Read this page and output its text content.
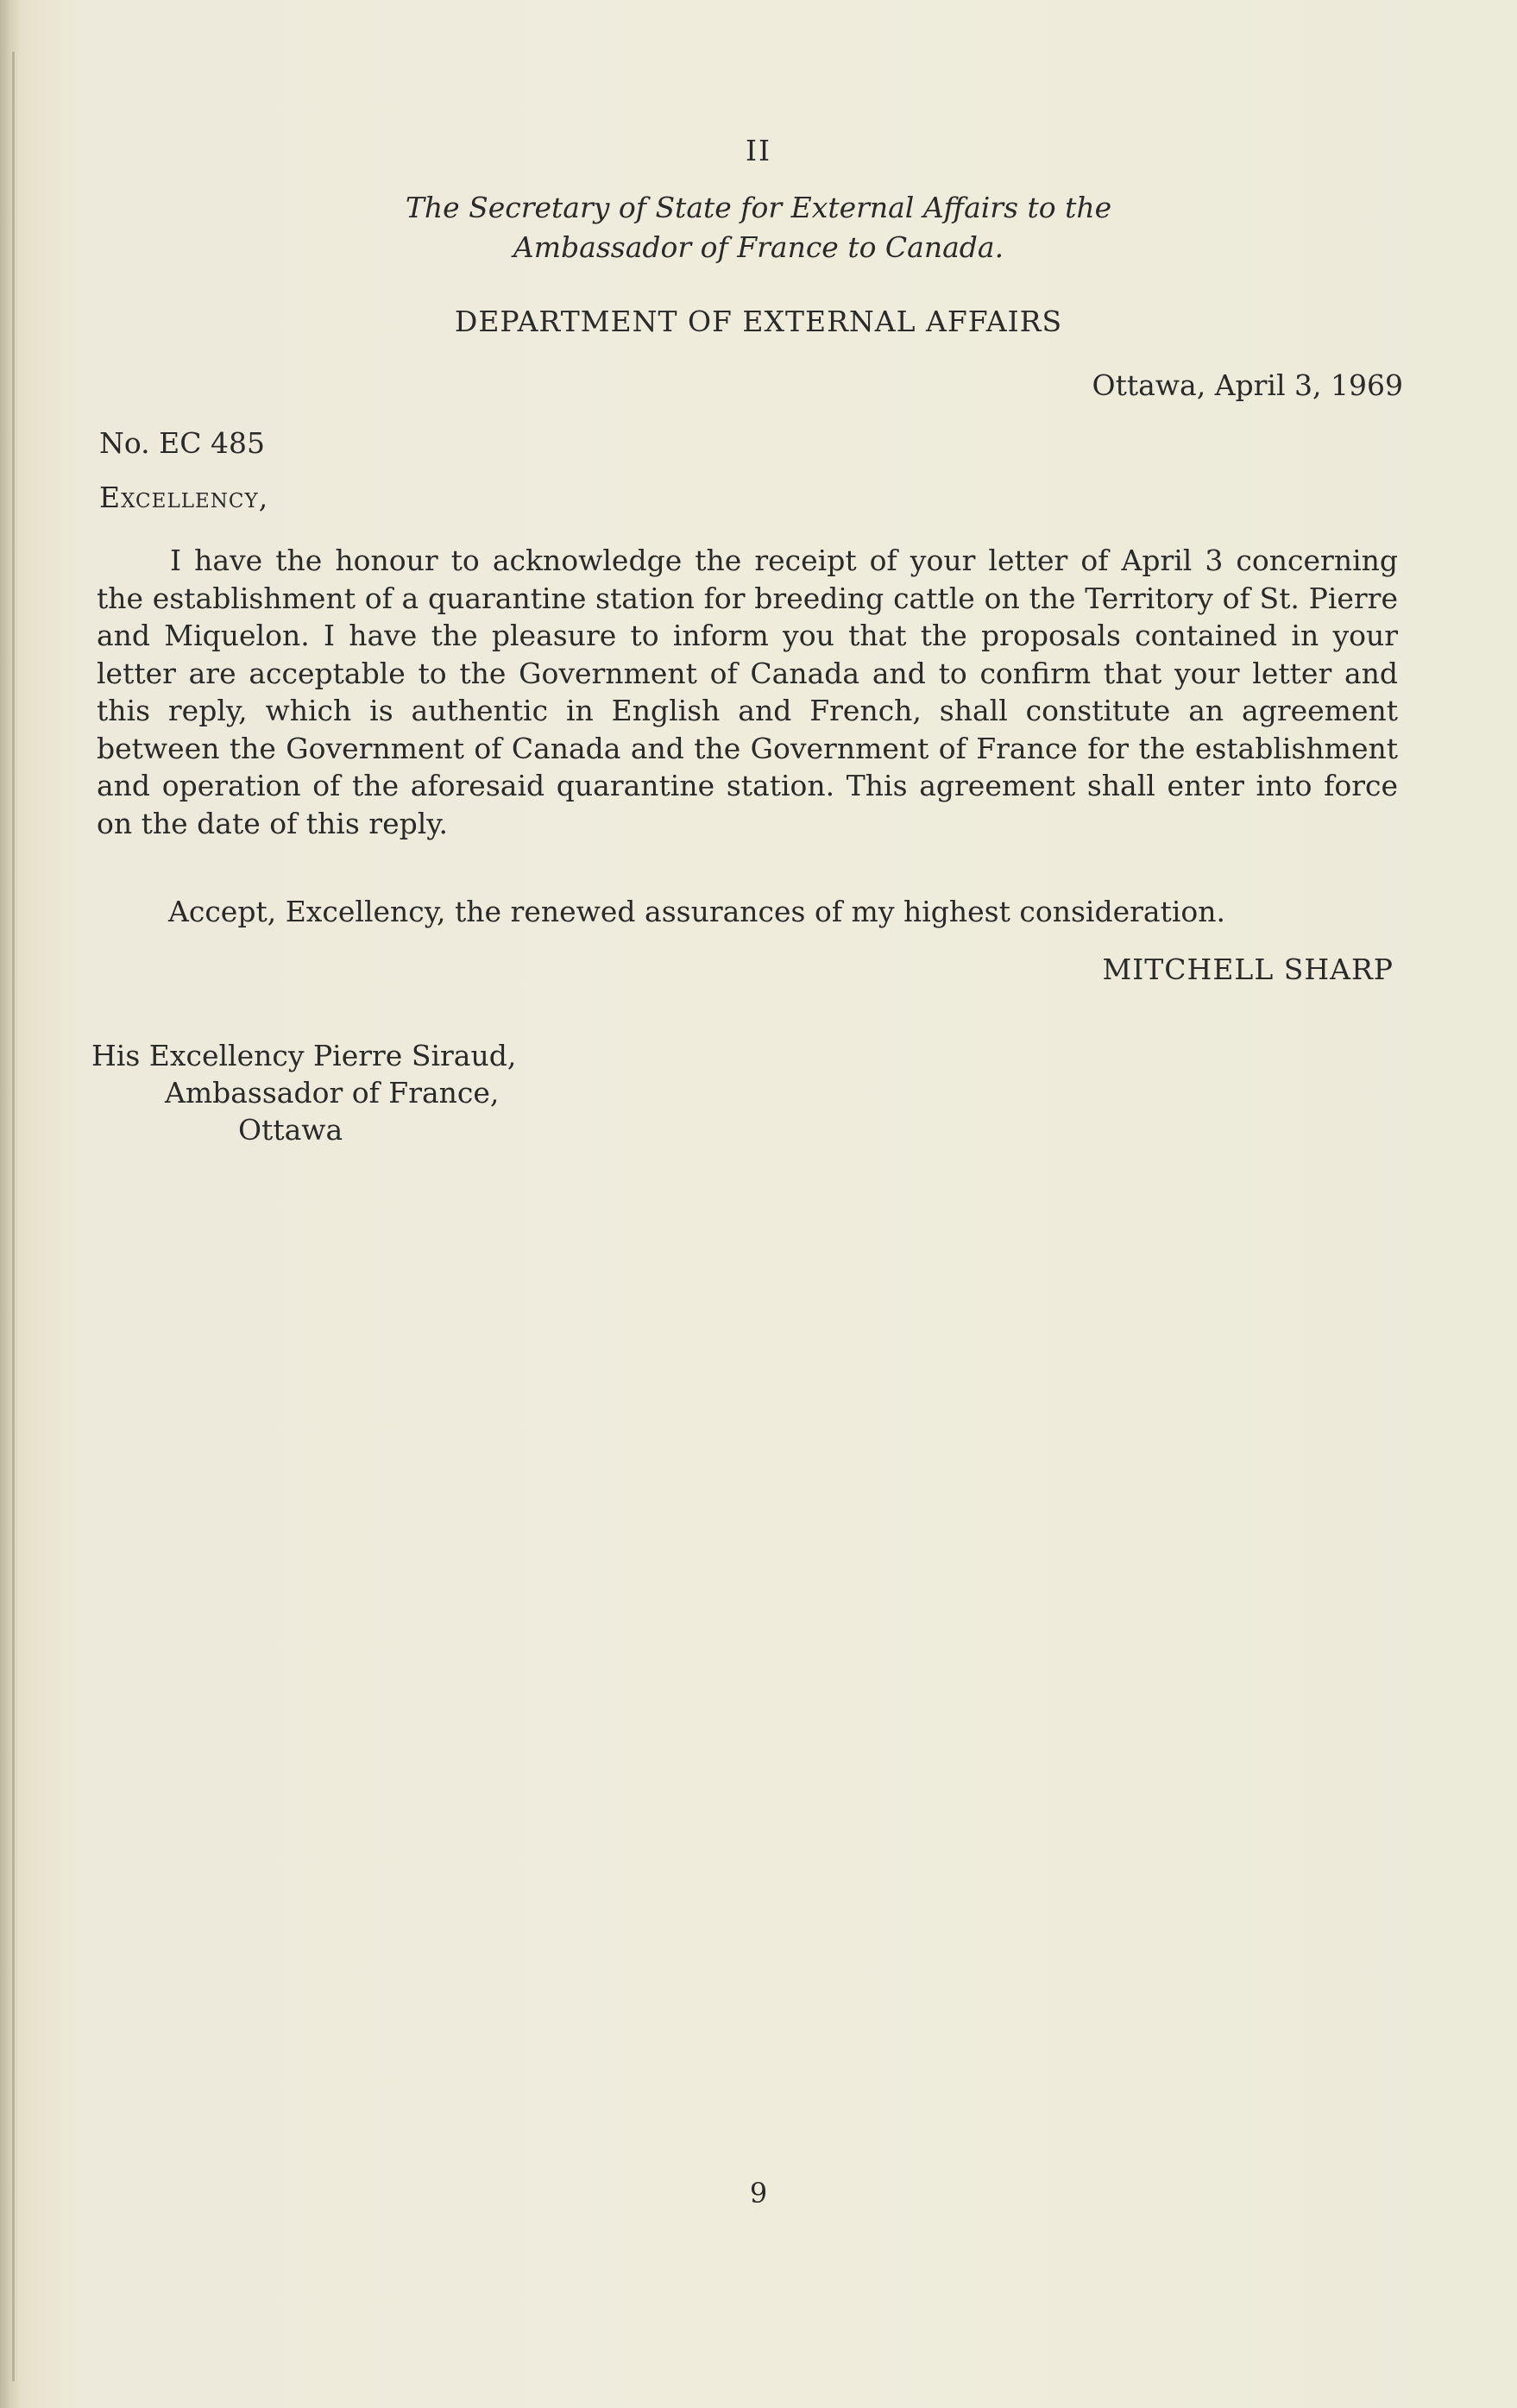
II
The Secretary of State for External Affairs to the
Ambassador of France to Canada.
DEPARTMENT OF EXTERNAL AFFAIRS
Ottawa, April 3, 1969
No. EC 485
Excellency,

I have the honour to acknowledge the receipt of your letter of April 3 concerning the establishment of a quarantine station for breeding cattle on the Territory of St. Pierre and Miquelon. I have the pleasure to inform you that the proposals contained in your letter are acceptable to the Government of Canada and to confirm that your letter and this reply, which is authentic in English and French, shall constitute an agreement between the Government of Canada and the Government of France for the establishment and operation of the aforesaid quarantine station. This agreement shall enter into force on the date of this reply.

Accept, Excellency, the renewed assurances of my highest consideration.
MITCHELL SHARP
His Excellency Pierre Siraud,
Ambassador of France,
Ottawa
9
